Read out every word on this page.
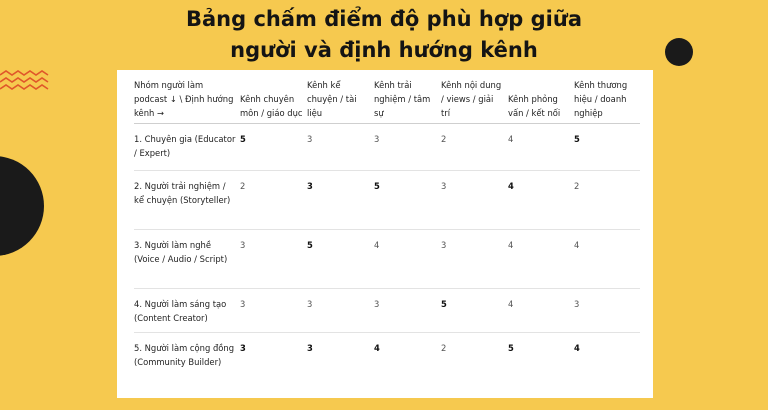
Bảng chấm điểm độ phù hợp giữa
người và định hướng kênh
Nhóm người làm podcast ↓ \ Định hướng kênh →	Kênh chuyên môn / giáo dục	Kênh kể chuyện / tài liệu	Kênh trải nghiệm / tâm sự	Kênh nội dung / views / giải trí	Kênh phỏng vấn / kết nối	Kênh thương hiệu / doanh nghiệp
1. Chuyên gia (Educator / Expert)	5	3	3	2	4	5
2. Người trải nghiệm / kể chuyện (Storyteller)	2	3	5	3	4	2
3. Người làm nghề (Voice / Audio / Script)	3	5	4	3	4	4
4. Người làm sáng tạo (Content Creator)	3	3	3	5	4	3
5. Người làm cộng đồng (Community Builder)	3	3	4	2	5	4
